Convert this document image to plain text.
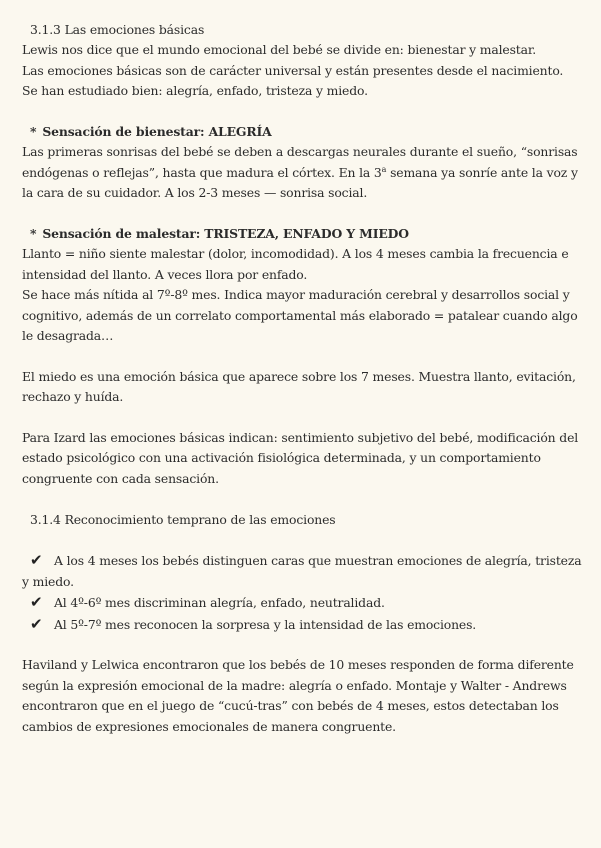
3.1.3 Las emociones básicas

Lewis nos dice que el mundo emocional del bebé se divide en: bienestar y malestar.

Las emociones básicas son de carácter universal y están presentes desde el nacimiento.

Se han estudiado bien: alegría, enfado, tristeza y miedo.

* Sensación de bienestar: ALEGRÍA

Las primeras sonrisas del bebé se deben a descargas neurales durante el sueño, “sonrisas endógenas o reflejas”, hasta que madura el córtex. En la 3$^a$ semana ya sonríe ante la voz y la cara de su cuidador. A los 2-3 meses — sonrisa social.

* Sensación de malestar: TRISTEZA, ENFADO Y MIEDO

Llanto = niño siente malestar (dolor, incomodidad). A los 4 meses cambia la frecuencia e intensidad del llanto. A veces llora por enfado.

Se hace más nítida al 7º-8º mes. Indica mayor maduración cerebral y desarrollos social y cognitivo, además de un correlato comportamental más elaborado = patalear cuando algo le desagrada…

El miedo es una emoción básica que aparece sobre los 7 meses. Muestra llanto, evitación, rechazo y huída.

Para Izard las emociones básicas indican: sentimiento subjetivo del bebé, modificación del estado psicológico con una activación fisiológica determinada, y un comportamiento congruente con cada sensación.

3.1.4 Reconocimiento temprano de las emociones

✔ A los 4 meses los bebés distinguen caras que muestran emociones de alegría, tristeza y miedo.

✔ Al 4º-6º mes discriminan alegría, enfado, neutralidad.

✔ Al 5º-7º mes reconocen la sorpresa y la intensidad de las emociones.

Haviland y Lelwica encontraron que los bebés de 10 meses responden de forma diferente según la expresión emocional de la madre: alegría o enfado. Montaje y Walter - Andrews encontraron que en el juego de “cucú-tras” con bebés de 4 meses, estos detectaban los cambios de expresiones emocionales de manera congruente.
